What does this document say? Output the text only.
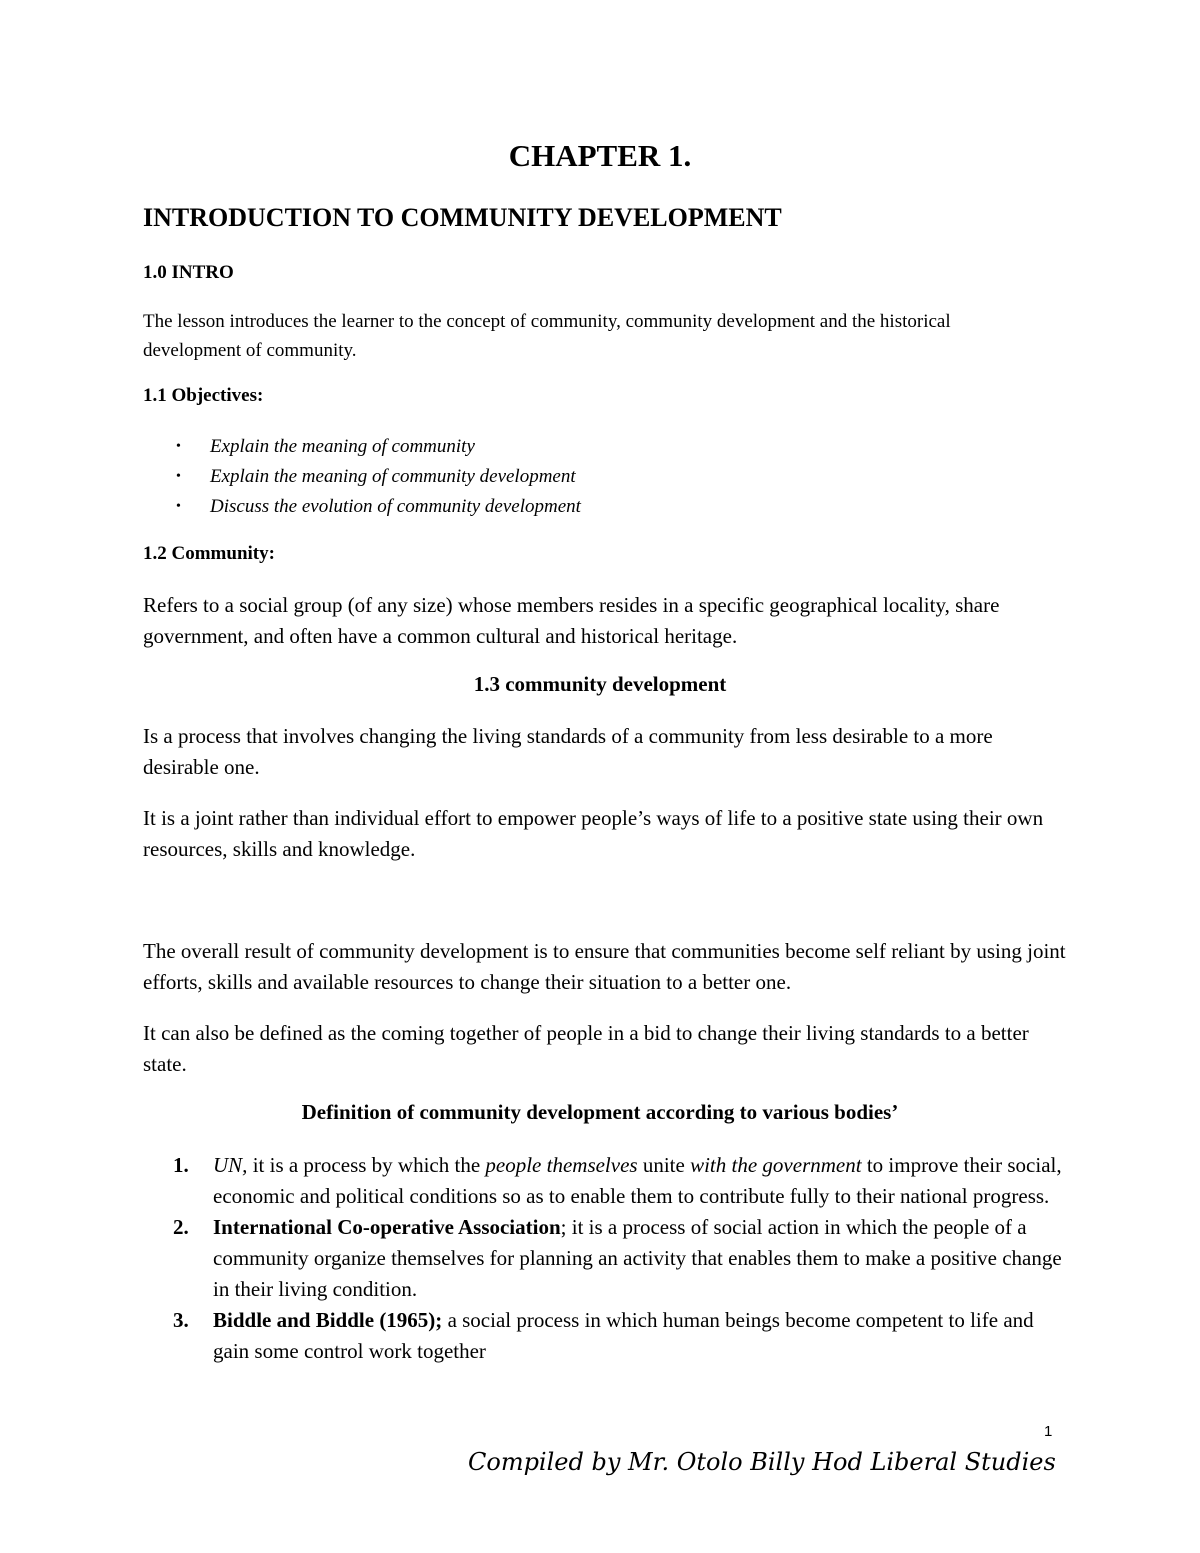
CHAPTER 1.
INTRODUCTION TO COMMUNITY DEVELOPMENT
1.0 INTRO

The lesson introduces the learner to the concept of community, community development and the historical development of community.

1.1 Objectives:
• Explain the meaning of community
• Explain the meaning of community development
• Discuss the evolution of community development
1.2 Community:

Refers to a social group (of any size) whose members resides in a specific geographical locality, share government, and often have a common cultural and historical heritage.

1.3 community development

Is a process that involves changing the living standards of a community from less desirable to a more desirable one.

It is a joint rather than individual effort to empower people’s ways of life to a positive state using their own resources, skills and knowledge.

The overall result of community development is to ensure that communities become self reliant by using joint efforts, skills and available resources to change their situation to a better one.

It can also be defined as the coming together of people in a bid to change their living standards to a better state.

Definition of community development according to various bodies’
1. UN, it is a process by which the people themselves unite with the government to improve their social, economic and political conditions so as to enable them to contribute fully to their national progress.
2. International Co-operative Association; it is a process of social action in which the people of a community organize themselves for planning an activity that enables them to make a positive change in their living condition.
3. Biddle and Biddle (1965); a social process in which human beings become competent to life and gain some control work together
1
Compiled by Mr. Otolo Billy Hod Liberal Studies
